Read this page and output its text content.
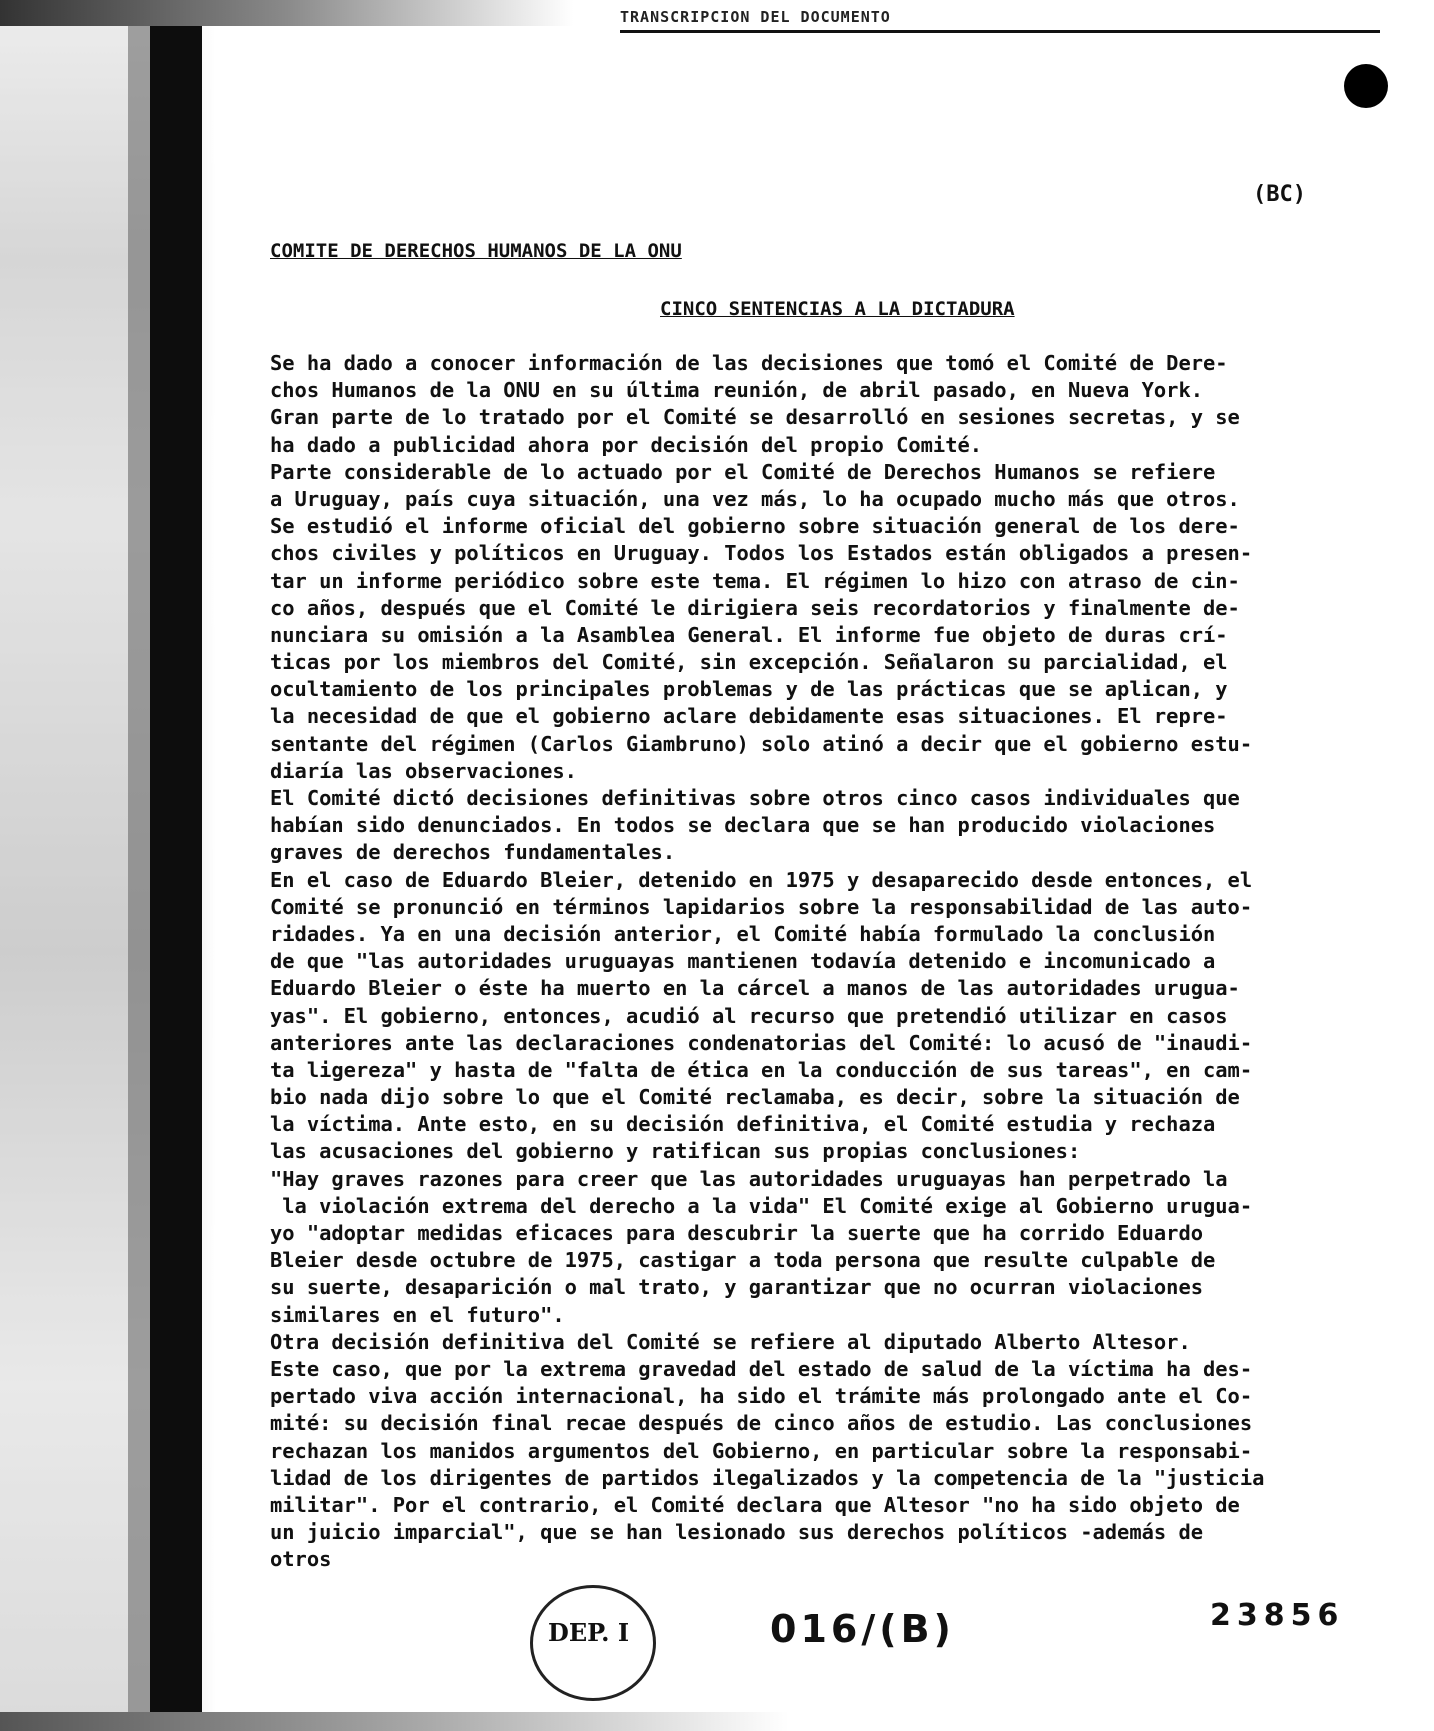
TRANSCRIPCION DEL DOCUMENTO
(BC)
COMITE DE DERECHOS HUMANOS DE LA ONU
CINCO SENTENCIAS A LA DICTADURA
Se ha dado a conocer información de las decisiones que tomó el Comité de Dere-
chos Humanos de la ONU en su última reunión, de abril pasado, en Nueva York.
Gran parte de lo tratado por el Comité se desarrolló en sesiones secretas, y se
ha dado a publicidad ahora por decisión del propio Comité.
Parte considerable de lo actuado por el Comité de Derechos Humanos se refiere
a Uruguay, país cuya situación, una vez más, lo ha ocupado mucho más que otros.
Se estudió el informe oficial del gobierno sobre situación general de los dere-
chos civiles y políticos en Uruguay. Todos los Estados están obligados a presen-
tar un informe periódico sobre este tema. El régimen lo hizo con atraso de cin-
co años, después que el Comité le dirigiera seis recordatorios y finalmente de-
nunciara su omisión a la Asamblea General. El informe fue objeto de duras crí-
ticas por los miembros del Comité, sin excepción. Señalaron su parcialidad, el
ocultamiento de los principales problemas y de las prácticas que se aplican, y
la necesidad de que el gobierno aclare debidamente esas situaciones. El repre-
sentante del régimen (Carlos Giambruno) solo atinó a decir que el gobierno estu-
diaría las observaciones.
El Comité dictó decisiones definitivas sobre otros cinco casos individuales que
habían sido denunciados. En todos se declara que se han producido violaciones
graves de derechos fundamentales.
En el caso de Eduardo Bleier, detenido en 1975 y desaparecido desde entonces, el
Comité se pronunció en términos lapidarios sobre la responsabilidad de las auto-
ridades. Ya en una decisión anterior, el Comité había formulado la conclusión
de que "las autoridades uruguayas mantienen todavía detenido e incomunicado a
Eduardo Bleier o éste ha muerto en la cárcel a manos de las autoridades urugua-
yas". El gobierno, entonces, acudió al recurso que pretendió utilizar en casos
anteriores ante las declaraciones condenatorias del Comité: lo acusó de "inaudi-
ta ligereza" y hasta de "falta de ética en la conducción de sus tareas", en cam-
bio nada dijo sobre lo que el Comité reclamaba, es decir, sobre la situación de
la víctima. Ante esto, en su decisión definitiva, el Comité estudia y rechaza
las acusaciones del gobierno y ratifican sus propias conclusiones:
"Hay graves razones para creer que las autoridades uruguayas han perpetrado la
la violación extrema del derecho a la vida" El Comité exige al Gobierno urugua-
yo "adoptar medidas eficaces para descubrir la suerte que ha corrido Eduardo
Bleier desde octubre de 1975, castigar a toda persona que resulte culpable de
su suerte, desaparición o mal trato, y garantizar que no ocurran violaciones
similares en el futuro".
Otra decisión definitiva del Comité se refiere al diputado Alberto Altesor.
Este caso, que por la extrema gravedad del estado de salud de la víctima ha des-
pertado viva acción internacional, ha sido el trámite más prolongado ante el Co-
mité: su decisión final recae después de cinco años de estudio. Las conclusiones
rechazan los manidos argumentos del Gobierno, en particular sobre la responsabi-
lidad de los dirigentes de partidos ilegalizados y la competencia de la "justicia
militar". Por el contrario, el Comité declara que Altesor "no ha sido objeto de
un juicio imparcial", que se han lesionado sus derechos políticos -además de
otros
DEP. I	016/(B)	23856
